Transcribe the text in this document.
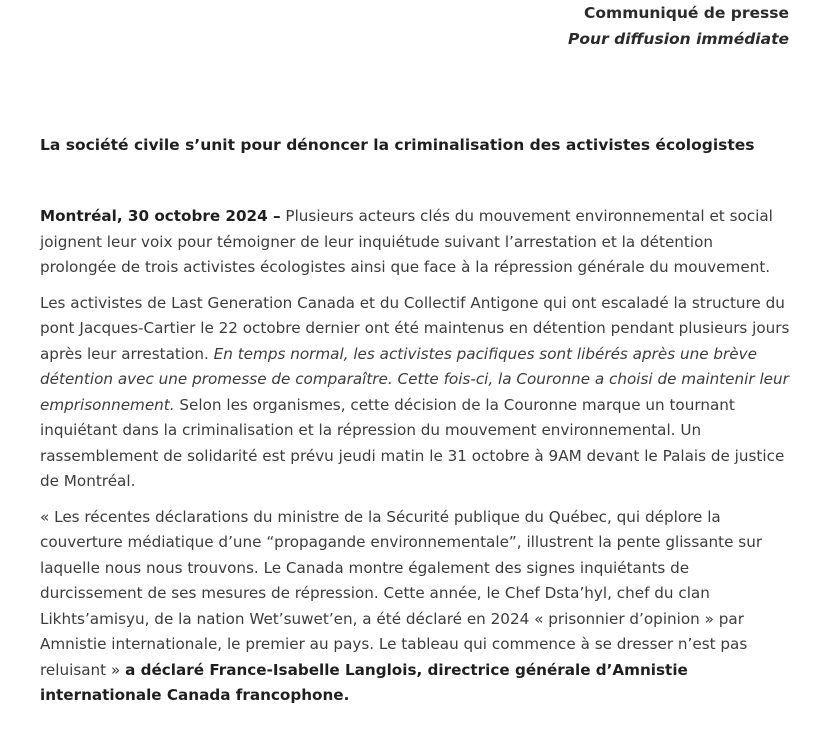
Communiqué de presse
Pour diffusion immédiate
La société civile s’unit pour dénoncer la criminalisation des activistes écologistes

Montréal, 30 octobre 2024 – Plusieurs acteurs clés du mouvement environnemental et social joignent leur voix pour témoigner de leur inquiétude suivant l’arrestation et la détention prolongée de trois activistes écologistes ainsi que face à la répression générale du mouvement.

Les activistes de Last Generation Canada et du Collectif Antigone qui ont escaladé la structure du pont Jacques-Cartier le 22 octobre dernier ont été maintenus en détention pendant plusieurs jours après leur arrestation. En temps normal, les activistes pacifiques sont libérés après une brève détention avec une promesse de comparaître. Cette fois-ci, la Couronne a choisi de maintenir leur emprisonnement. Selon les organismes, cette décision de la Couronne marque un tournant inquiétant dans la criminalisation et la répression du mouvement environnemental. Un rassemblement de solidarité est prévu jeudi matin le 31 octobre à 9AM devant le Palais de justice de Montréal.

« Les récentes déclarations du ministre de la Sécurité publique du Québec, qui déplore la couverture médiatique d’une “propagande environnementale”, illustrent la pente glissante sur laquelle nous nous trouvons. Le Canada montre également des signes inquiétants de durcissement de ses mesures de répression. Cette année, le Chef Dsta’hyl, chef du clan Likhts’amisyu, de la nation Wet’suwet’en, a été déclaré en 2024 « prisonnier d’opinion » par Amnistie internationale, le premier au pays. Le tableau qui commence à se dresser n’est pas reluisant » a déclaré France-Isabelle Langlois, directrice générale d’Amnistie internationale Canada francophone.
